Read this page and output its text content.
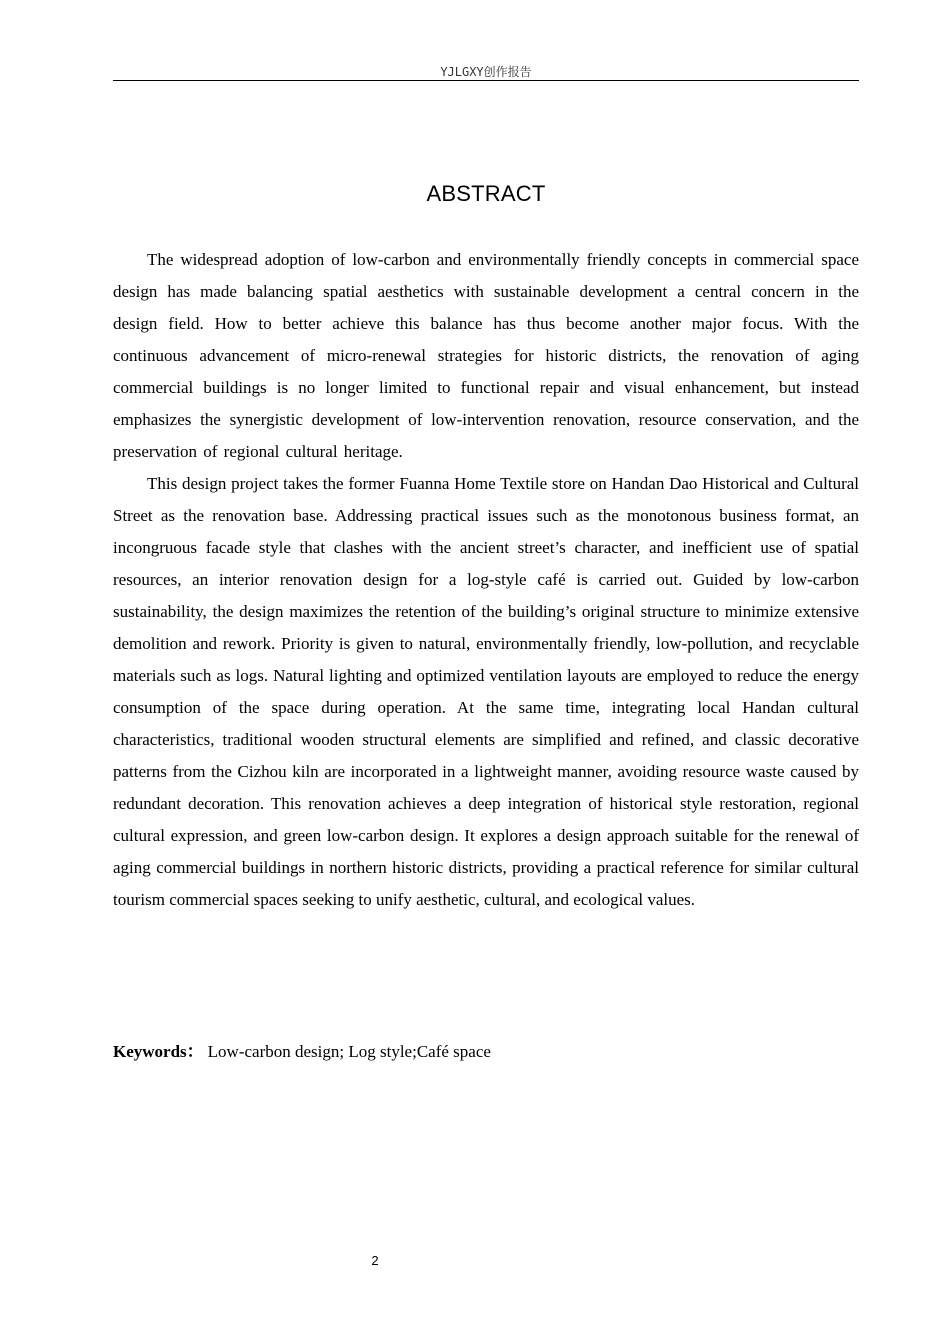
YJLGXY创作报告
ABSTRACT

The widespread adoption of low-carbon and environmentally friendly concepts in commercial space design has made balancing spatial aesthetics with sustainable development a central concern in the design field. How to better achieve this balance has thus become another major focus. With the continuous advancement of micro-renewal strategies for historic districts, the renovation of aging commercial buildings is no longer limited to functional repair and visual enhancement, but instead emphasizes the synergistic development of low-intervention renovation, resource conservation, and the preservation of regional cultural heritage.

This design project takes the former Fuanna Home Textile store on Handan Dao Historical and Cultural Street as the renovation base. Addressing practical issues such as the monotonous business format, an incongruous facade style that clashes with the ancient street’s character, and inefficient use of spatial resources, an interior renovation design for a log-style café is carried out. Guided by low-carbon sustainability, the design maximizes the retention of the building’s original structure to minimize extensive demolition and rework. Priority is given to natural, environmentally friendly, low-pollution, and recyclable materials such as logs. Natural lighting and optimized ventilation layouts are employed to reduce the energy consumption of the space during operation. At the same time, integrating local Handan cultural characteristics, traditional wooden structural elements are simplified and refined, and classic decorative patterns from the Cizhou kiln are incorporated in a lightweight manner, avoiding resource waste caused by redundant decoration. This renovation achieves a deep integration of historical style restoration, regional cultural expression, and green low-carbon design. It explores a design approach suitable for the renewal of aging commercial buildings in northern historic districts, providing a practical reference for similar cultural tourism commercial spaces seeking to unify aesthetic, cultural, and ecological values.

Keywords： Low-carbon design; Log style;Café space
2
